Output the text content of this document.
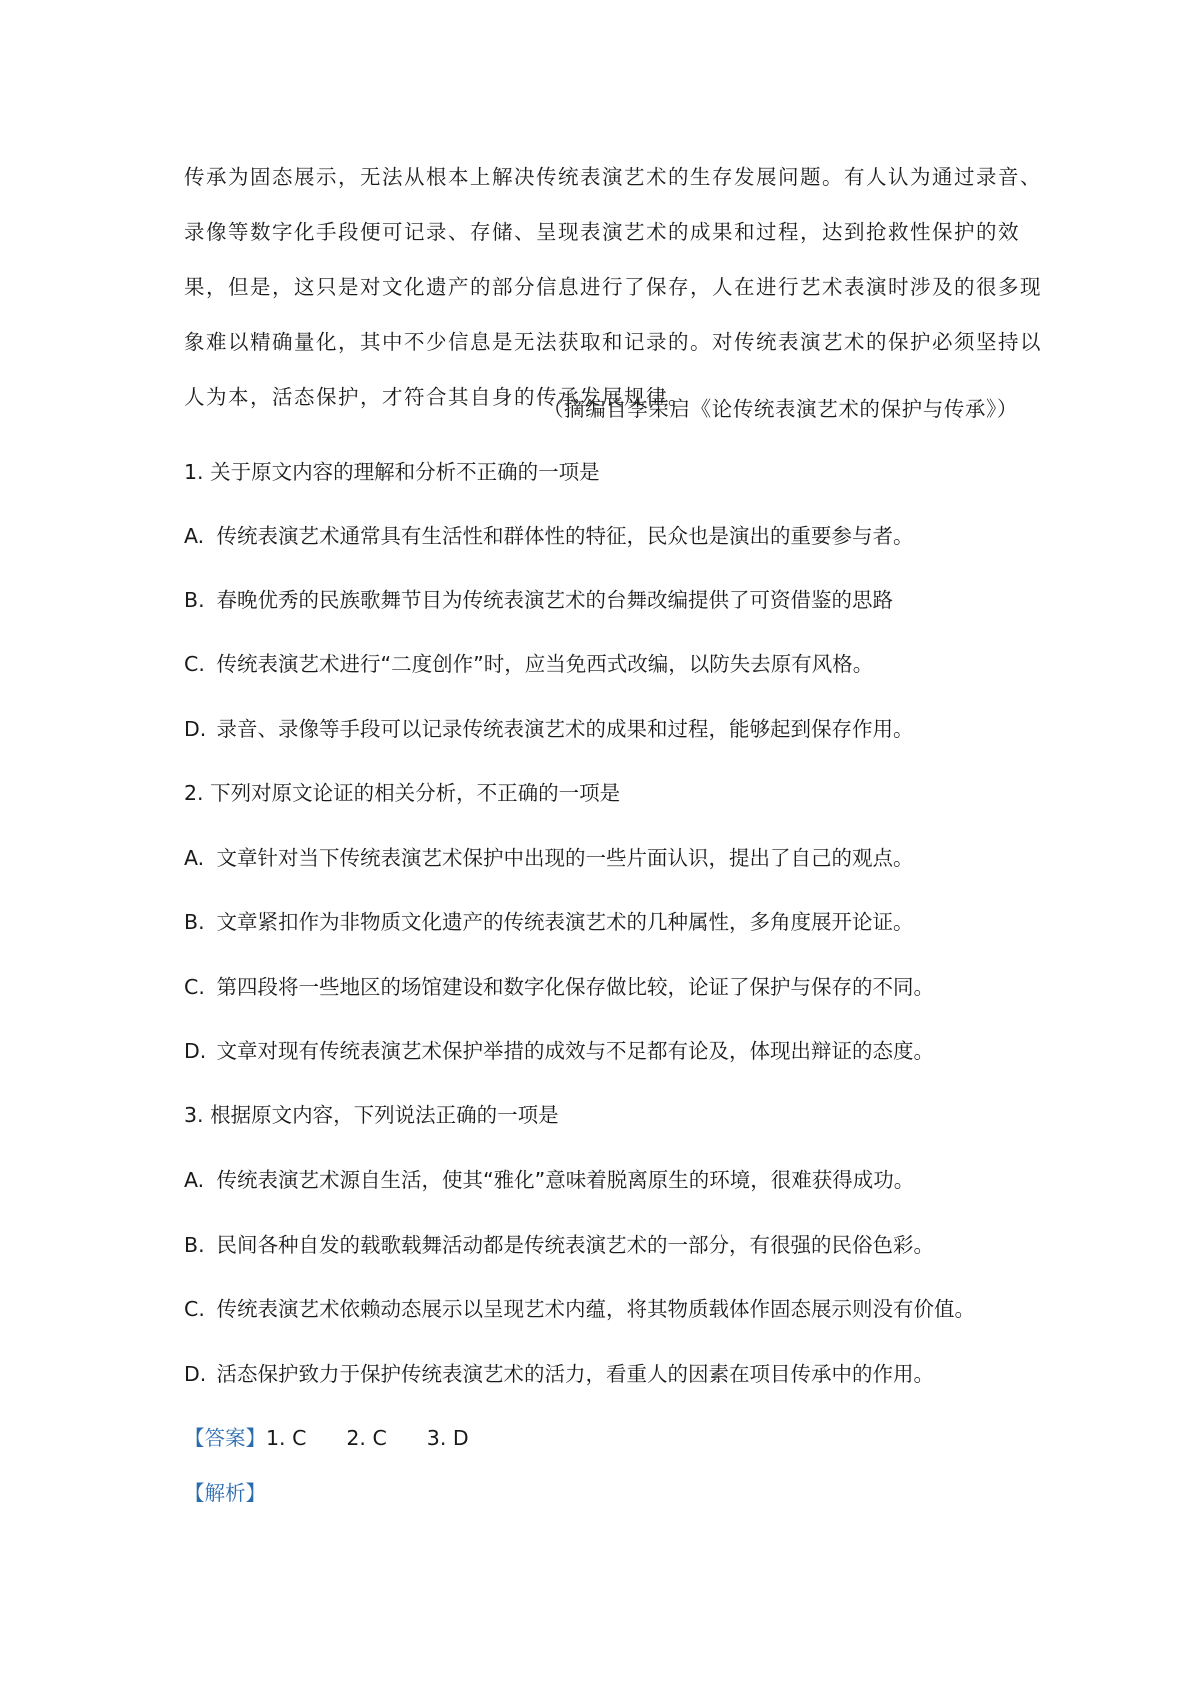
传承为固态展示，无法从根本上解决传统表演艺术的生存发展问题。有人认为通过录音、

录像等数字化手段便可记录、存储、呈现表演艺术的成果和过程，达到抢救性保护的效

果，但是，这只是对文化遗产的部分信息进行了保存，人在进行艺术表演时涉及的很多现

象难以精确量化，其中不少信息是无法获取和记录的。对传统表演艺术的保护必须坚持以

人为本，活态保护，才符合其自身的传承发展规律。

（摘编自李荣启《论传统表演艺术的保护与传承》）
1. 关于原文内容的理解和分析不正确的一项是
A. 传统表演艺术通常具有生活性和群体性的特征，民众也是演出的重要参与者。
B. 春晚优秀的民族歌舞节目为传统表演艺术的台舞改编提供了可资借鉴的思路
C. 传统表演艺术进行“二度创作”时，应当免西式改编，以防失去原有风格。
D. 录音、录像等手段可以记录传统表演艺术的成果和过程，能够起到保存作用。
2. 下列对原文论证的相关分析，不正确的一项是
A. 文章针对当下传统表演艺术保护中出现的一些片面认识，提出了自己的观点。
B. 文章紧扣作为非物质文化遗产的传统表演艺术的几种属性，多角度展开论证。
C. 第四段将一些地区的场馆建设和数字化保存做比较，论证了保护与保存的不同。
D. 文章对现有传统表演艺术保护举措的成效与不足都有论及，体现出辩证的态度。
3. 根据原文内容，下列说法正确的一项是
A. 传统表演艺术源自生活，使其“雅化”意味着脱离原生的环境，很难获得成功。
B. 民间各种自发的载歌载舞活动都是传统表演艺术的一部分，有很强的民俗色彩。
C. 传统表演艺术依赖动态展示以呈现艺术内蕴，将其物质载体作固态展示则没有价值。
D. 活态保护致力于保护传统表演艺术的活力，看重人的因素在项目传承中的作用。
【答案】1. C 2. C 3. D
【解析】
